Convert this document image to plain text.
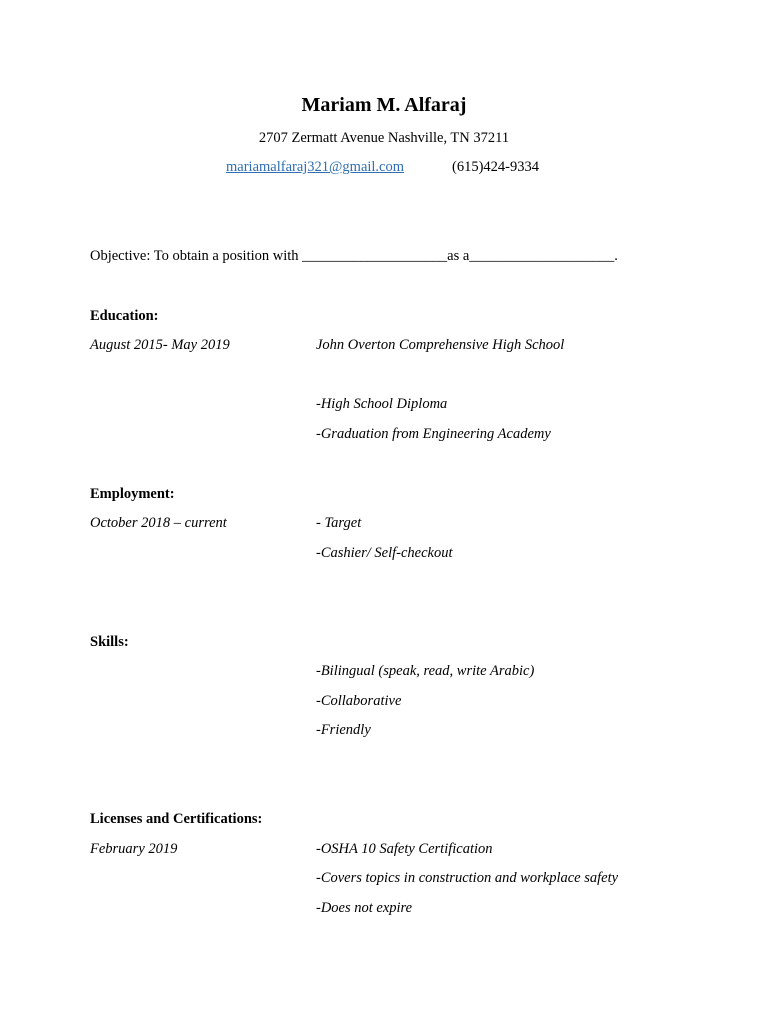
Mariam M. Alfaraj
2707 Zermatt Avenue Nashville, TN 37211
mariamalfaraj321@gmail.com	(615)424-9334
Objective: To obtain a position with ____________________as a____________________.
Education:
August 2015- May 2019	John Overton Comprehensive High School
-High School Diploma
-Graduation from Engineering Academy
Employment:
October 2018 – current	- Target
-Cashier/ Self-checkout
Skills:
-Bilingual (speak, read, write Arabic)
-Collaborative
-Friendly
Licenses and Certifications:
February 2019	-OSHA 10 Safety Certification
-Covers topics in construction and workplace safety
-Does not expire
